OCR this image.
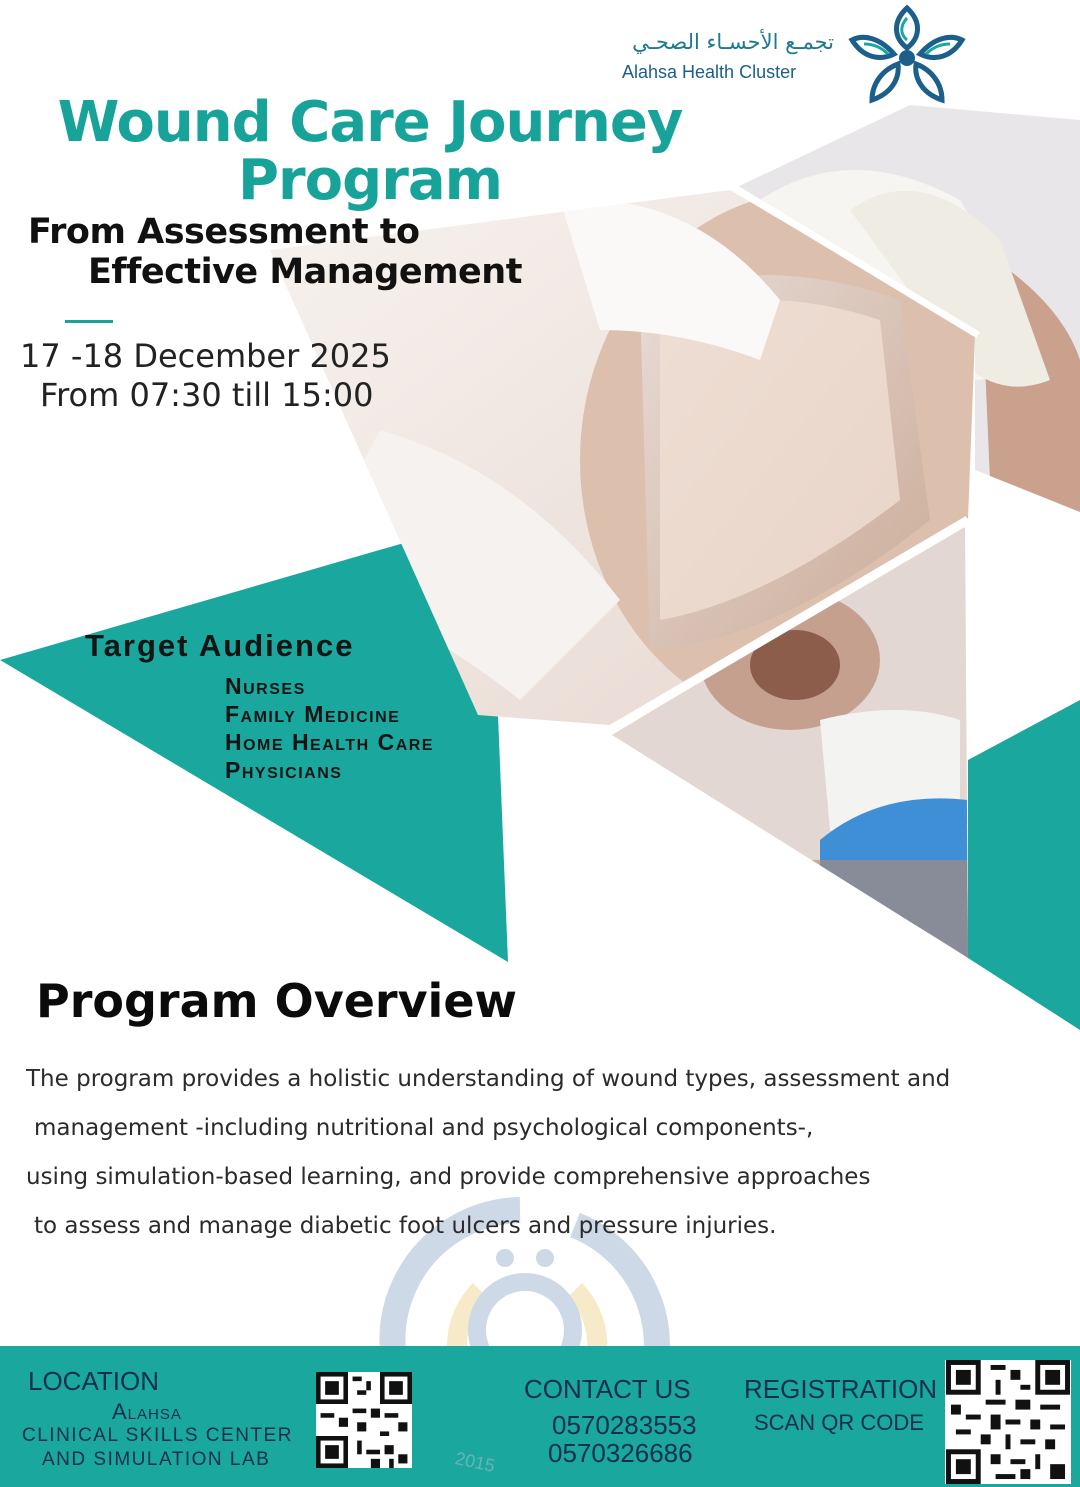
تجمـع الأحسـاء الصحـي
Alahsa Health Cluster
Wound Care Journey
Program
From Assessment to
Effective Management
17 -18 December 2025
From 07:30 till 15:00
Target Audience
Nurses
Family Medicine
Home Health Care
Physicians
Program Overview
The program provides a holistic understanding of wound types, assessment and
management -including nutritional and psychological components-,
using simulation-based learning, and provide comprehensive approaches
to assess and manage diabetic foot ulcers and pressure injuries.
LOCATION
Alahsa
CLINICAL SKILLS CENTER
AND SIMULATION LAB
CONTACT US
0570283553
0570326686
2015
REGISTRATION
SCAN QR CODE
